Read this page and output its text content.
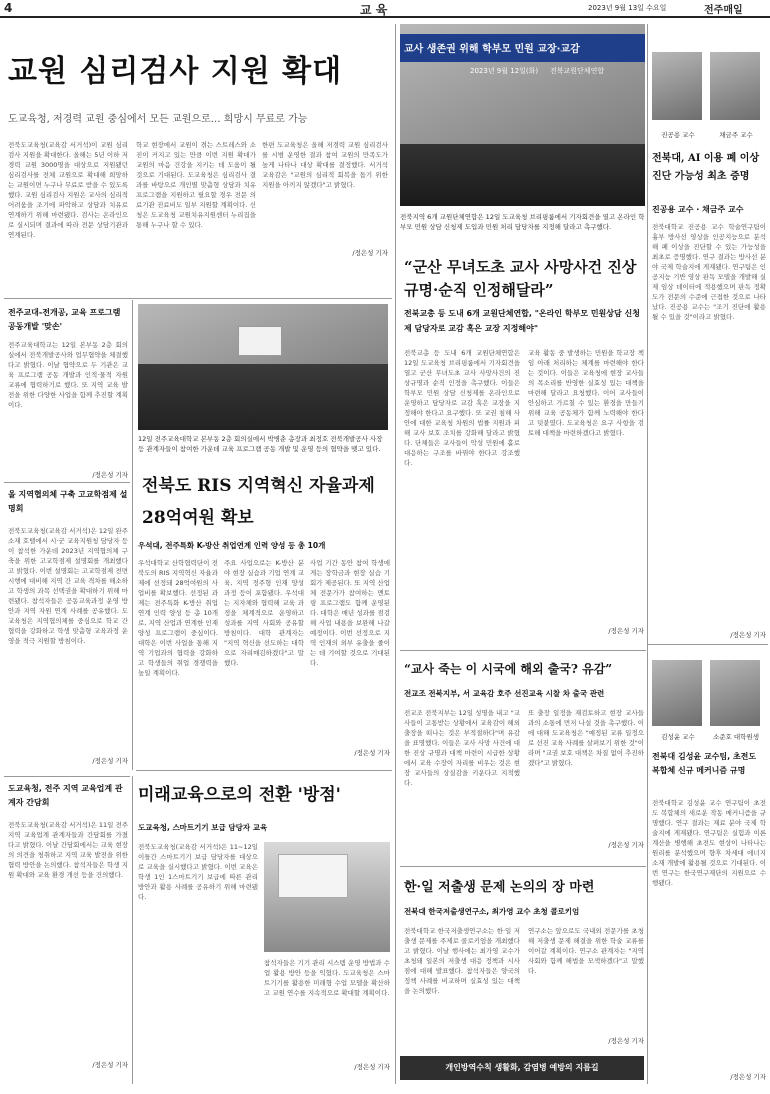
4	교 육	2023년 9월 13일 수요일	전주매일
교원 심리검사 지원 확대
도교육청, 저경력 교원 중심에서 모든 교원으로… 희망시 무료로 가능
전북도교육청(교육감 서거석)이 교원 심리검사 지원을 확대한다. 올해는 5년 이하 저경력 교원 3000명을 대상으로 지원됐던 심리검사를 전체 교원으로 확대해 희망하는 교원이면 누구나 무료로 받을 수 있도록 했다. 교원 심리검사 지원은 교사의 심리적 어려움을 조기에 파악하고 상담과 치유로 연계하기 위해 마련됐다. 검사는 온라인으로 실시되며 결과에 따라 전문 상담기관과 연계된다.
학교 현장에서 교원이 겪는 스트레스와 소진이 커지고 있는 만큼 이번 지원 확대가 교원의 마음 건강을 지키는 데 도움이 될 것으로 기대된다. 도교육청은 심리검사 결과를 바탕으로 개인별 맞춤형 상담과 치유 프로그램을 지원하고 필요할 경우 전문 의료기관 진료비도 일부 지원할 계획이다. 신청은 도교육청 교원치유지원센터 누리집을 통해 누구나 할 수 있다.
한편 도교육청은 올해 저경력 교원 심리검사를 시범 운영한 결과 참여 교원의 만족도가 높게 나타나 대상 확대를 결정했다. 서거석 교육감은 "교원의 심리적 회복을 돕기 위한 지원을 아끼지 않겠다"고 밝혔다.
/정은성 기자
교사 생존권 위해 학부모 민원 교장·교감
2023년 9월 12일(화) 전북교원단체연합
전북지역 6개 교원단체연합은 12일 도교육청 브리핑룸에서 기자회견을 열고 온라인 학부모 민원 상담 신청제 도입과 민원 처리 담당자를 지정해 달라고 촉구했다.
“군산 무녀도초 교사 사망사건 진상규명·순직 인정해달라”
전북교총 등 도내 6개 교원단체연합, "온라인 학부모 민원상담 신청제 담당자로 교감 혹은 교장 지정해야"
전북교총 등 도내 6개 교원단체연합은 12일 도교육청 브리핑룸에서 기자회견을 열고 군산 무녀도초 교사 사망사건의 진상규명과 순직 인정을 촉구했다. 이들은 학부모 민원 상담 신청제를 온라인으로 운영하고 담당자로 교감 혹은 교장을 지정해야 한다고 요구했다. 또 교권 침해 사안에 대한 교육청 차원의 법률 지원과 피해 교사 보호 조치를 강화해 달라고 밝혔다. 단체들은 교사들이 악성 민원에 홀로 대응하는 구조를 바꿔야 한다고 강조했다.
교육 활동 중 발생하는 민원을 학교장 책임 아래 처리하는 체계를 마련해야 한다는 것이다. 이들은 교육청에 현장 교사들의 목소리를 반영한 실효성 있는 대책을 마련해 달라고 요청했다. 이어 교사들이 안심하고 가르칠 수 있는 환경을 만들기 위해 교육 공동체가 함께 노력해야 한다고 덧붙였다. 도교육청은 요구 사항을 검토해 대책을 마련하겠다고 밝혔다.
/정은성 기자
진공용 교수	채금주 교수
전북대, AI 이용 폐 이상 진단 가능성 최초 증명
진공용 교수 · 채금주 교수
전북대학교 진공용 교수 학술연구팀이 흉부 방사선 영상을 인공지능으로 분석해 폐 이상을 진단할 수 있는 가능성을 최초로 증명했다. 연구 결과는 방사선 분야 국제 학술지에 게재됐다. 연구팀은 인공지능 기반 영상 판독 모델을 개발해 실제 임상 데이터에 적용했으며 판독 정확도가 전문의 수준에 근접한 것으로 나타났다. 진공용 교수는 "조기 진단에 활용될 수 있을 것"이라고 밝혔다.
/정은성 기자
전주교대-전개공, 교육 프로그램 공동개발 '맞손'
전주교육대학교는 12일 본부동 2층 회의실에서 전북개발공사와 업무협약을 체결했다고 밝혔다. 이날 협약으로 두 기관은 교육 프로그램 공동 개발과 인적·물적 자원 교류에 협력하기로 했다. 또 지역 교육 발전을 위한 다양한 사업을 함께 추진할 계획이다.
/정은성 기자
12일 전주교육대학교 본부동 2층 회의실에서 박병춘 총장과 최정호 전북개발공사 사장 등 관계자들이 참여한 가운데 교육 프로그램 공동 개발 및 운영 등의 협약을 맺고 있다.
전북도 RIS 지역혁신 자율과제 28억여원 확보
우석대, 전주특화 K-방산 취업연계 인력 양성 등 총 10개
우석대학교 산학협력단이 전북도의 RIS 지역혁신 자율과제에 선정돼 28억여원의 사업비를 확보했다. 선정된 과제는 전주특화 K-방산 취업연계 인력 양성 등 총 10개로, 지역 산업과 연계한 인재 양성 프로그램이 중심이다. 대학은 이번 사업을 통해 지역 기업과의 협력을 강화하고 학생들의 취업 경쟁력을 높일 계획이다.
주요 사업으로는 K-방산 분야 현장 실습과 기업 연계 교육, 지역 정주형 인재 양성 과정 등이 포함됐다. 우석대는 지자체와 협력해 교육 과정을 체계적으로 운영하고 성과를 지역 사회와 공유할 방침이다. 대학 관계자는 "지역 혁신을 선도하는 대학으로 자리매김하겠다"고 말했다.
사업 기간 동안 참여 학생에게는 장학금과 현장 실습 기회가 제공된다. 또 지역 산업체 전문가가 참여하는 멘토링 프로그램도 함께 운영된다. 대학은 매년 성과를 점검해 사업 내용을 보완해 나갈 예정이다. 이번 선정으로 지역 인재의 외부 유출을 줄이는 데 기여할 것으로 기대된다.
/정은성 기자
올 지역협의체 구축 고교학점제 설명회
전북도교육청(교육감 서거석)은 12일 완주 소재 호텔에서 시·군 교육지원청 담당자 등이 참석한 가운데 2023년 지역협의체 구축을 위한 고교학점제 설명회를 개최했다고 밝혔다. 이번 설명회는 고교학점제 전면 시행에 대비해 지역 간 교육 격차를 해소하고 학생의 과목 선택권을 확대하기 위해 마련됐다. 참석자들은 공동교육과정 운영 방안과 지역 자원 연계 사례를 공유했다. 도교육청은 지역협의체를 중심으로 학교 간 협력을 강화하고 학생 맞춤형 교육과정 운영을 적극 지원할 방침이다.
/정은성 기자
“교사 죽는 이 시국에 해외 출국? 유감”
전교조 전북지부, 서 교육감 호주 선진교육 시찰 차 출국 관련
전교조 전북지부는 12일 성명을 내고 "교사들이 고통받는 상황에서 교육감이 해외 출장을 떠나는 것은 부적절하다"며 유감을 표명했다. 이들은 교사 사망 사건에 대한 진상 규명과 대책 마련이 시급한 상황에서 교육 수장이 자리를 비우는 것은 현장 교사들의 상실감을 키운다고 지적했다.
또 출장 일정을 재검토하고 현장 교사들과의 소통에 먼저 나설 것을 촉구했다. 이에 대해 도교육청은 "예정된 교류 일정으로 선진 교육 사례를 살펴보기 위한 것"이라며 "교권 보호 대책은 차질 없이 추진하겠다"고 밝혔다.
/정은성 기자
김성윤 교수	소준호 대학원생
전북대 김성윤 교수팀, 초전도 복합체 신규 메커니즘 규명
전북대학교 김성윤 교수 연구팀이 초전도 복합체의 새로운 작동 메커니즘을 규명했다. 연구 결과는 재료 분야 국제 학술지에 게재됐다. 연구팀은 실험과 이론 계산을 병행해 초전도 현상이 나타나는 원리를 분석했으며 향후 차세대 에너지 소재 개발에 활용될 것으로 기대된다. 이번 연구는 한국연구재단의 지원으로 수행됐다.
/정은성 기자
도교육청, 전주 지역 교육업계 관계자 간담회
전북도교육청(교육감 서거석)은 11일 전주 지역 교육업계 관계자들과 간담회를 가졌다고 밝혔다. 이날 간담회에서는 교육 현장의 의견을 청취하고 지역 교육 발전을 위한 협력 방안을 논의했다. 참석자들은 학생 지원 확대와 교육 환경 개선 등을 건의했다.
/정은성 기자
미래교육으로의 전환 '방점'
도교육청, 스마트기기 보급 담당자 교육
전북도교육청(교육감 서거석)은 11~12일 이틀간 스마트기기 보급 담당자를 대상으로 교육을 실시했다고 밝혔다. 이번 교육은 학생 1인 1스마트기기 보급에 따른 관리 방안과 활용 사례를 공유하기 위해 마련됐다.
참석자들은 기기 관리 시스템 운영 방법과 수업 활용 방안 등을 익혔다. 도교육청은 스마트기기를 활용한 미래형 수업 모델을 확산하고 교원 연수를 지속적으로 확대할 계획이다.
/정은성 기자
한·일 저출생 문제 논의의 장 마련
전북대 한국저출생연구소, 최가영 교수 초청 콜로키엄
전북대학교 한국저출생연구소는 한·일 저출생 문제를 주제로 콜로키엄을 개최했다고 밝혔다. 이날 행사에는 최가영 교수가 초청돼 일본의 저출생 대응 정책과 시사점에 대해 발표했다. 참석자들은 양국의 정책 사례를 비교하며 실효성 있는 대책을 논의했다.
연구소는 앞으로도 국내외 전문가를 초청해 저출생 문제 해결을 위한 학술 교류를 이어갈 계획이다. 연구소 관계자는 "지역 사회와 함께 해법을 모색하겠다"고 말했다.
/정은성 기자
개인방역수칙 생활화, 감염병 예방의 지름길
